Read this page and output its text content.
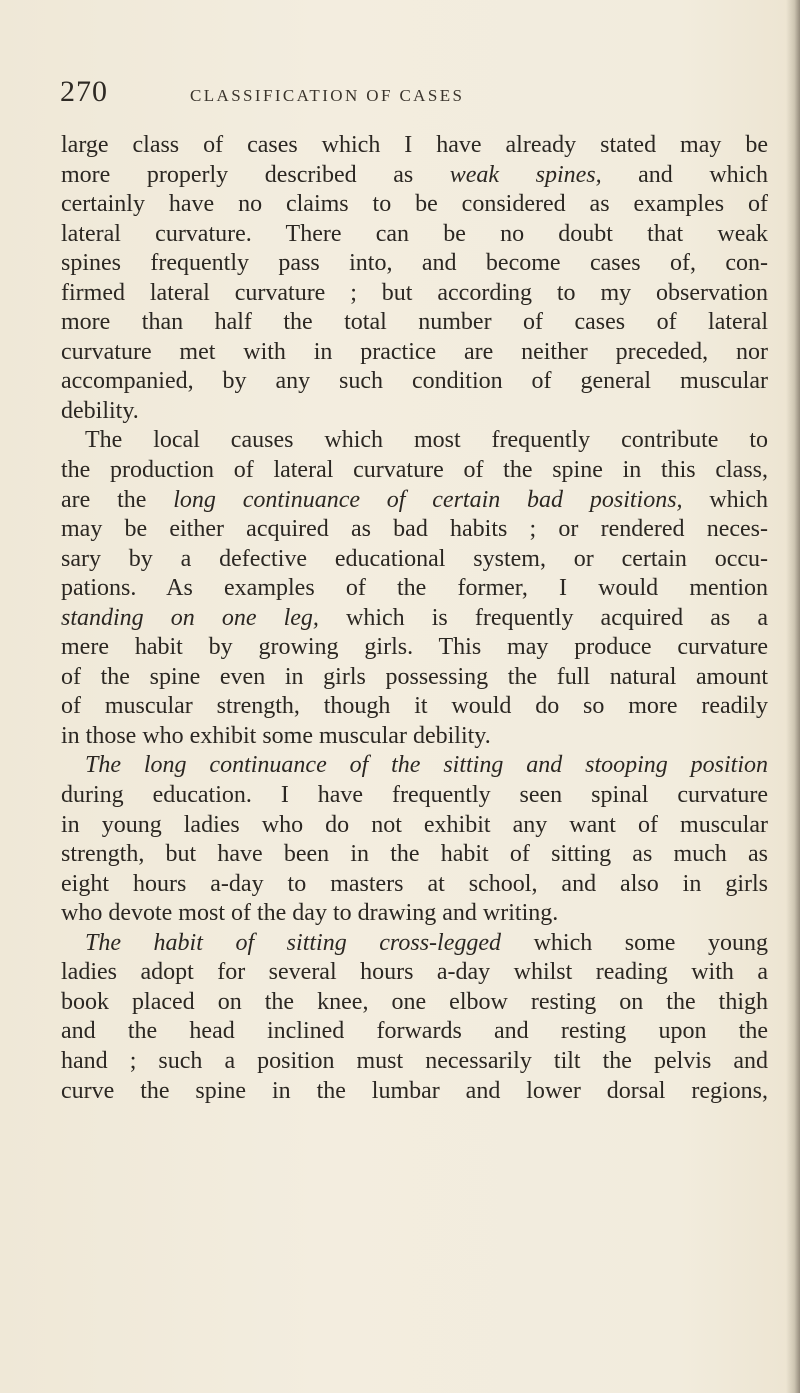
270	CLASSIFICATION OF CASES
large class of cases which I have already stated may be
more properly described as weak spines, and which
certainly have no claims to be considered as examples of
lateral curvature. There can be no doubt that weak
spines frequently pass into, and become cases of, con-
firmed lateral curvature ; but according to my observation
more than half the total number of cases of lateral
curvature met with in practice are neither preceded, nor
accompanied, by any such condition of general muscular
debility.
The local causes which most frequently contribute to
the production of lateral curvature of the spine in this class,
are the long continuance of certain bad positions, which
may be either acquired as bad habits ; or rendered neces-
sary by a defective educational system, or certain occu-
pations. As examples of the former, I would mention
standing on one leg, which is frequently acquired as a
mere habit by growing girls. This may produce curvature
of the spine even in girls possessing the full natural amount
of muscular strength, though it would do so more readily
in those who exhibit some muscular debility.
The long continuance of the sitting and stooping position
during education. I have frequently seen spinal curvature
in young ladies who do not exhibit any want of muscular
strength, but have been in the habit of sitting as much as
eight hours a-day to masters at school, and also in girls
who devote most of the day to drawing and writing.
The habit of sitting cross-legged which some young
ladies adopt for several hours a-day whilst reading with a
book placed on the knee, one elbow resting on the thigh
and the head inclined forwards and resting upon the
hand ; such a position must necessarily tilt the pelvis and
curve the spine in the lumbar and lower dorsal regions,
